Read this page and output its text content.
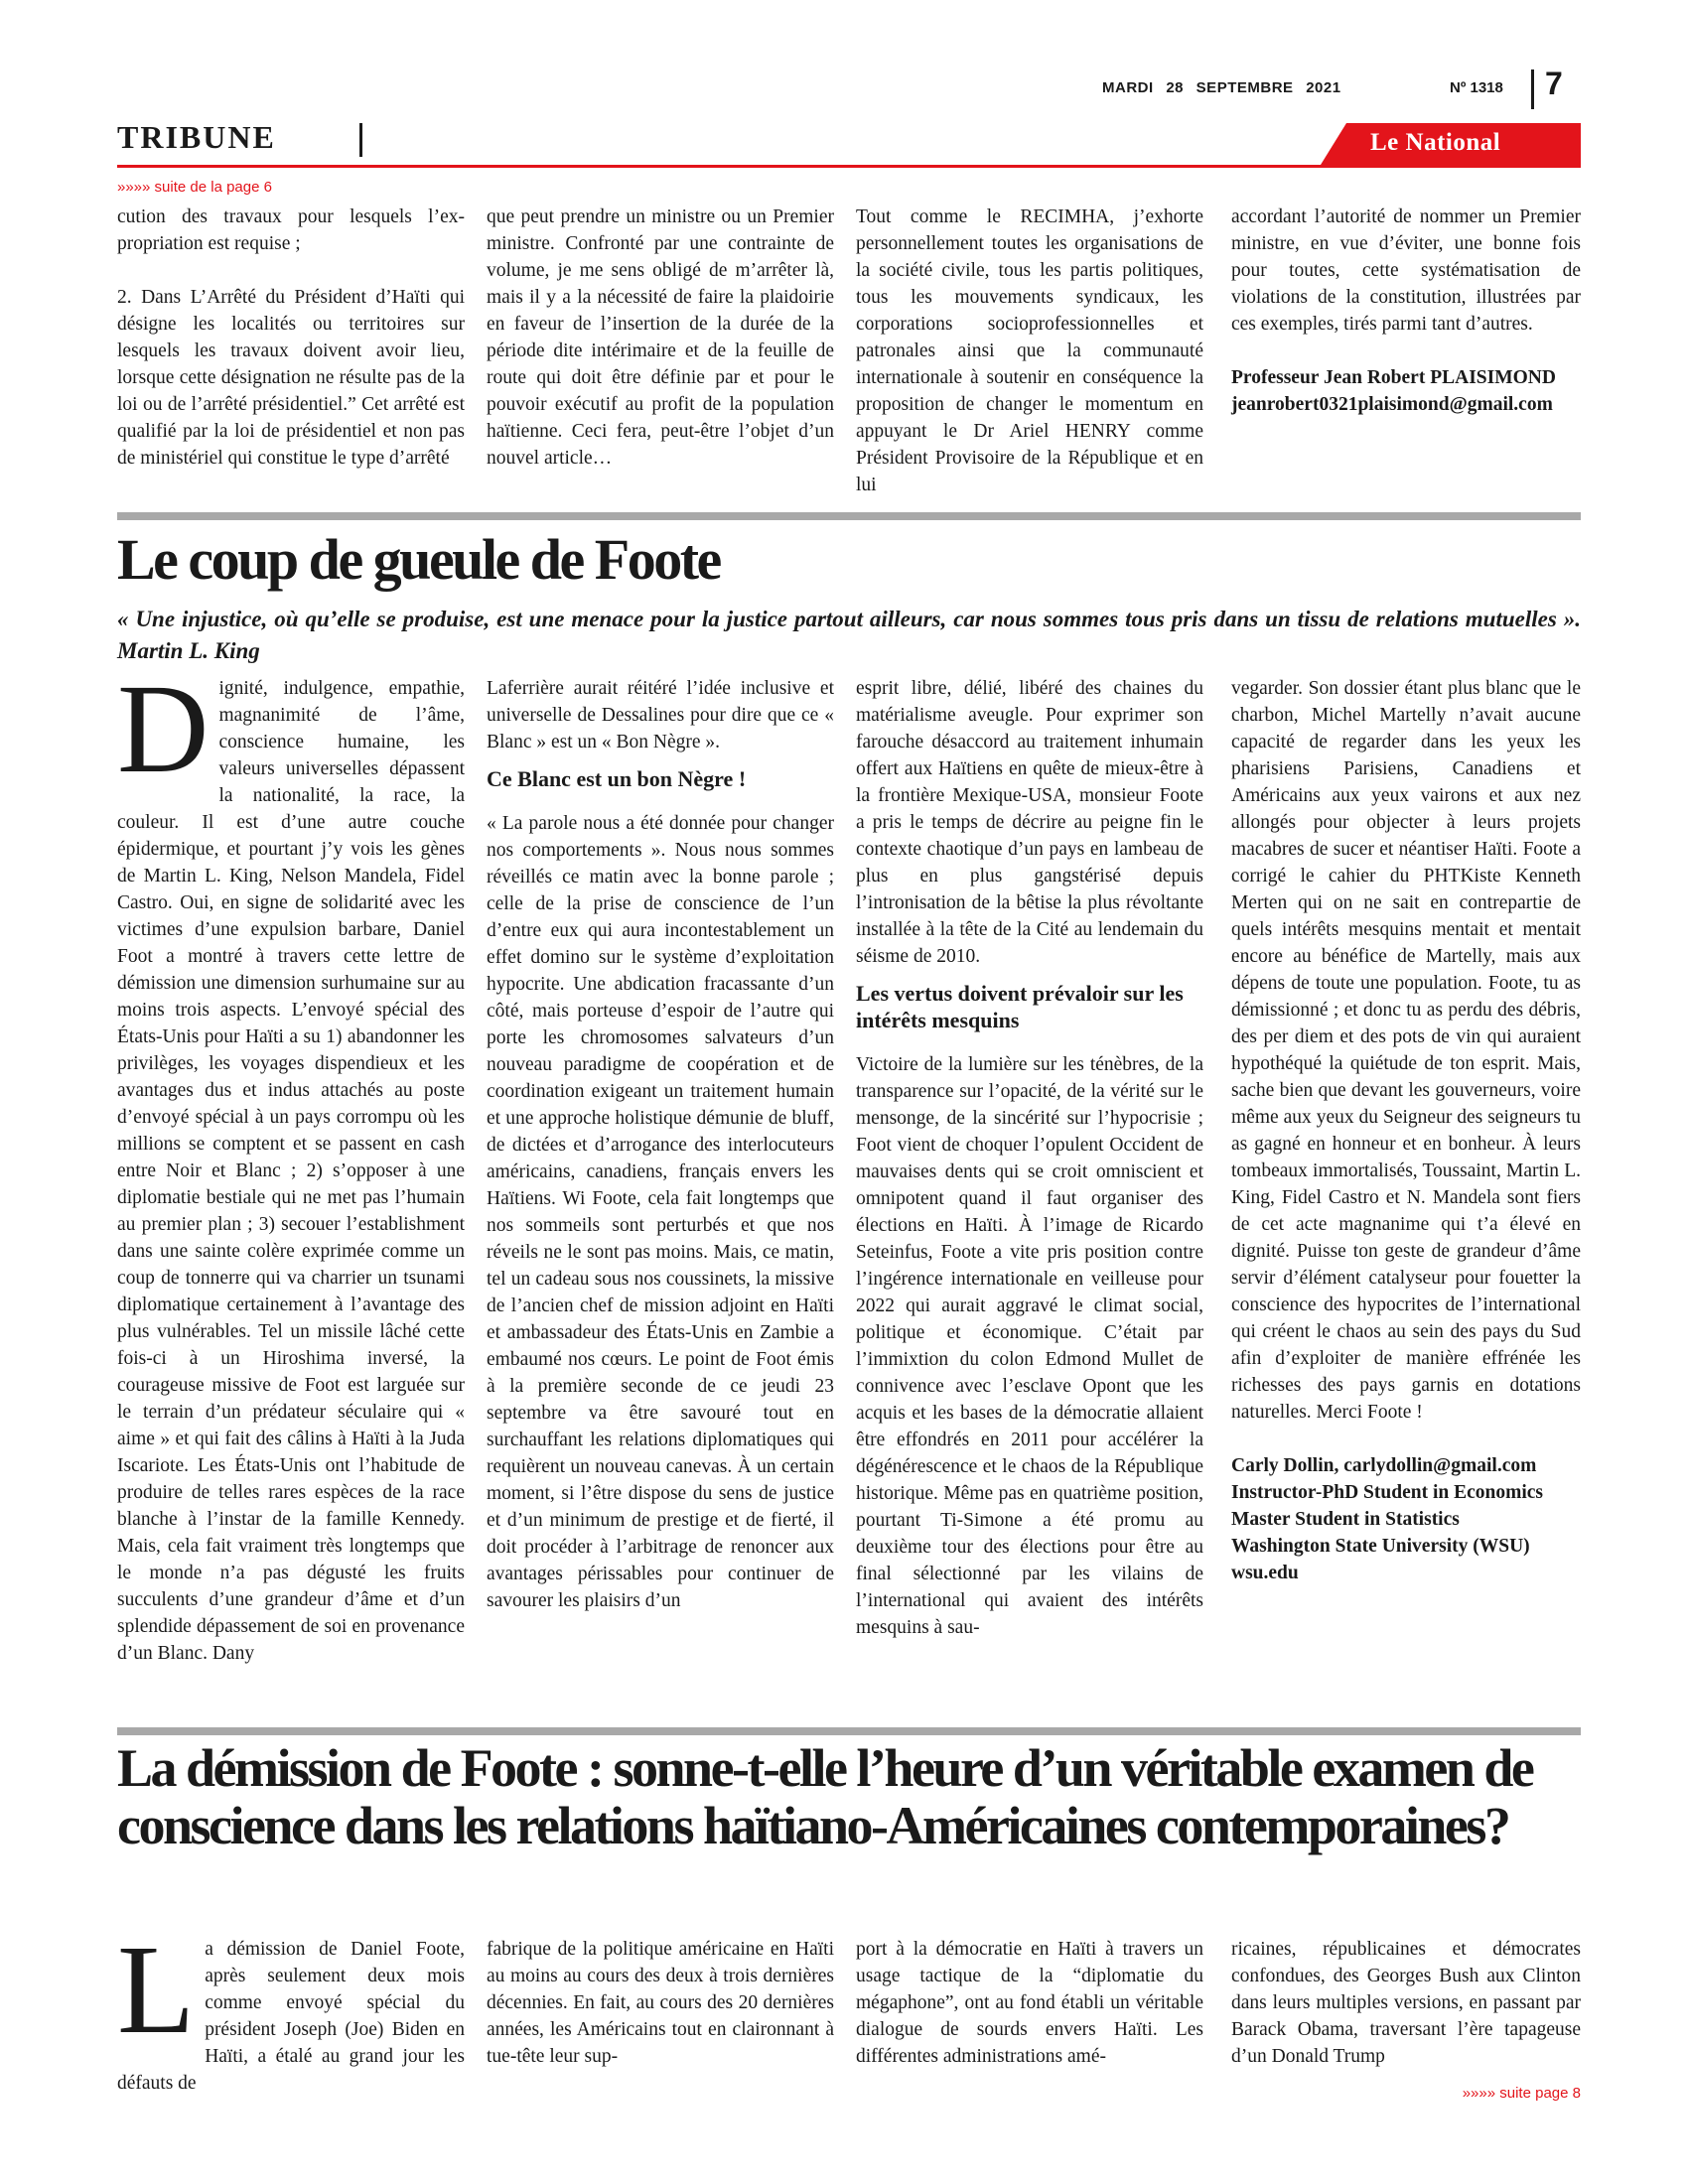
MARDI 28 SEPTEMBRE 2021	Nº 1318 7
TRIBUNE	Le National
»»»» suite de la page 6

cution des travaux pour lesquels l’ex-propriation est requise ;

2. Dans L’Arrêté du Président d’Haïti qui désigne les localités ou territoires sur lesquels les travaux doivent avoir lieu, lorsque cette désignation ne résulte pas de la loi ou de l’arrêté présidentiel.” Cet arrêté est qualifié par la loi de présidentiel et non pas de ministériel qui constitue le type d’arrêté

que peut prendre un ministre ou un Premier ministre. Confronté par une contrainte de volume, je me sens obligé de m’arrêter là, mais il y a la nécessité de faire la plaidoirie en faveur de l’insertion de la durée de la période dite intérimaire et de la feuille de route qui doit être définie par et pour le pouvoir exécutif au profit de la population haïtienne. Ceci fera, peut-être l’objet d’un nouvel article…

Tout comme le RECIMHA, j’exhorte personnellement toutes les organisations de la société civile, tous les partis politiques, tous les mouvements syndicaux, les corporations socioprofessionnelles et patronales ainsi que la communauté internationale à soutenir en conséquence la proposition de changer le momentum en appuyant le Dr Ariel HENRY comme Président Provisoire de la République et en lui

accordant l’autorité de nommer un Premier ministre, en vue d’éviter, une bonne fois pour toutes, cette systématisation de violations de la constitution, illustrées par ces exemples, tirés parmi tant d’autres.

Professeur Jean Robert PLAISIMOND

jeanrobert0321plaisimond@gmail.com

Le coup de gueule de Foote
« Une injustice, où qu’elle se produise, est une menace pour la justice partout ailleurs, car nous sommes tous pris dans un tissu de relations mutuelles ». Martin L. King
D ignité, indulgence, empathie, magnanimité de l’âme, conscience humaine, les valeurs universelles dépassent la nationalité, la race, la couleur. Il est d’une autre couche épidermique, et pourtant j’y vois les gènes de Martin L. King, Nelson Mandela, Fidel Castro. Oui, en signe de solidarité avec les victimes d’une expulsion barbare, Daniel Foot a montré à travers cette lettre de démission une dimension surhumaine sur au moins trois aspects. L’envoyé spécial des États-Unis pour Haïti a su 1) abandonner les privilèges, les voyages dispendieux et les avantages dus et indus attachés au poste d’envoyé spécial à un pays corrompu où les millions se comptent et se passent en cash entre Noir et Blanc ; 2) s’opposer à une diplomatie bestiale qui ne met pas l’humain au premier plan ; 3) secouer l’establishment dans une sainte colère exprimée comme un coup de tonnerre qui va charrier un tsunami diplomatique certainement à l’avantage des plus vulnérables. Tel un missile lâché cette fois-ci à un Hiroshima inversé, la courageuse missive de Foot est larguée sur le terrain d’un prédateur séculaire qui « aime » et qui fait des câlins à Haïti à la Juda Iscariote. Les États-Unis ont l’habitude de produire de telles rares espèces de la race blanche à l’instar de la famille Kennedy. Mais, cela fait vraiment très longtemps que le monde n’a pas dégusté les fruits succulents d’une grandeur d’âme et d’un splendide dépassement de soi en provenance d’un Blanc. Dany

Laferrière aurait réitéré l’idée inclusive et universelle de Dessalines pour dire que ce « Blanc » est un « Bon Nègre ».

Ce Blanc est un bon Nègre !

« La parole nous a été donnée pour changer nos comportements ». Nous nous sommes réveillés ce matin avec la bonne parole ; celle de la prise de conscience de l’un d’entre eux qui aura incontestablement un effet domino sur le système d’exploitation hypocrite. Une abdication fracassante d’un côté, mais porteuse d’espoir de l’autre qui porte les chromosomes salvateurs d’un nouveau paradigme de coopération et de coordination exigeant un traitement humain et une approche holistique démunie de bluff, de dictées et d’arrogance des interlocuteurs américains, canadiens, français envers les Haïtiens. Wi Foote, cela fait longtemps que nos sommeils sont perturbés et que nos réveils ne le sont pas moins. Mais, ce matin, tel un cadeau sous nos coussinets, la missive de l’ancien chef de mission adjoint en Haïti et ambassadeur des États-Unis en Zambie a embaumé nos cœurs. Le point de Foot émis à la première seconde de ce jeudi 23 septembre va être savouré tout en surchauffant les relations diplomatiques qui requièrent un nouveau canevas. À un certain moment, si l’être dispose du sens de justice et d’un minimum de prestige et de fierté, il doit procéder à l’arbitrage de renoncer aux avantages périssables pour continuer de savourer les plaisirs d’un

esprit libre, délié, libéré des chaines du matérialisme aveugle. Pour exprimer son farouche désaccord au traitement inhumain offert aux Haïtiens en quête de mieux-être à la frontière Mexique-USA, monsieur Foote a pris le temps de décrire au peigne fin le contexte chaotique d’un pays en lambeau de plus en plus gangstérisé depuis l’intronisation de la bêtise la plus révoltante installée à la tête de la Cité au lendemain du séisme de 2010.

Les vertus doivent prévaloir sur les intérêts mesquins

Victoire de la lumière sur les ténèbres, de la transparence sur l’opacité, de la vérité sur le mensonge, de la sincérité sur l’hypocrisie ; Foot vient de choquer l’opulent Occident de mauvaises dents qui se croit omniscient et omnipotent quand il faut organiser des élections en Haïti. À l’image de Ricardo Seteinfus, Foote a vite pris position contre l’ingérence internationale en veilleuse pour 2022 qui aurait aggravé le climat social, politique et économique. C’était par l’immixtion du colon Edmond Mullet de connivence avec l’esclave Opont que les acquis et les bases de la démocratie allaient être effondrés en 2011 pour accélérer la dégénérescence et le chaos de la République historique. Même pas en quatrième position, pourtant Ti-Simone a été promu au deuxième tour des élections pour être au final sélectionné par les vilains de l’international qui avaient des intérêts mesquins à sau-

vegarder. Son dossier étant plus blanc que le charbon, Michel Martelly n’avait aucune capacité de regarder dans les yeux les pharisiens Parisiens, Canadiens et Américains aux yeux vairons et aux nez allongés pour objecter à leurs projets macabres de sucer et néantiser Haïti. Foote a corrigé le cahier du PHTKiste Kenneth Merten qui on ne sait en contrepartie de quels intérêts mesquins mentait et mentait encore au bénéfice de Martelly, mais aux dépens de toute une population. Foote, tu as démissionné ; et donc tu as perdu des débris, des per diem et des pots de vin qui auraient hypothéqué la quiétude de ton esprit. Mais, sache bien que devant les gouverneurs, voire même aux yeux du Seigneur des seigneurs tu as gagné en honneur et en bonheur. À leurs tombeaux immortalisés, Toussaint, Martin L. King, Fidel Castro et N. Mandela sont fiers de cet acte magnanime qui t’a élevé en dignité. Puisse ton geste de grandeur d’âme servir d’élément catalyseur pour fouetter la conscience des hypocrites de l’international qui créent le chaos au sein des pays du Sud afin d’exploiter de manière effrénée les richesses des pays garnis en dotations naturelles. Merci Foote !

Carly Dollin, carlydollin@gmail.com

Instructor-PhD Student in Economics

Master Student in Statistics

Washington State University (WSU)

wsu.edu

La démission de Foote : sonne-t-elle l’heure d’un véritable examen de conscience dans les relations haïtiano-Américaines contemporaines?
L a démission de Daniel Foote, après seulement deux mois comme envoyé spécial du président Joseph (Joe) Biden en Haïti, a étalé au grand jour les défauts de

fabrique de la politique américaine en Haïti au moins au cours des deux à trois dernières décennies. En fait, au cours des 20 dernières années, les Américains tout en claironnant à tue-tête leur sup-

port à la démocratie en Haïti à travers un usage tactique de la “diplomatie du mégaphone”, ont au fond établi un véritable dialogue de sourds envers Haïti. Les différentes administrations amé-

ricaines, républicaines et démocrates confondues, des Georges Bush aux Clinton dans leurs multiples versions, en passant par Barack Obama, traversant l’ère tapageuse d’un Donald Trump

»»»» suite page 8
